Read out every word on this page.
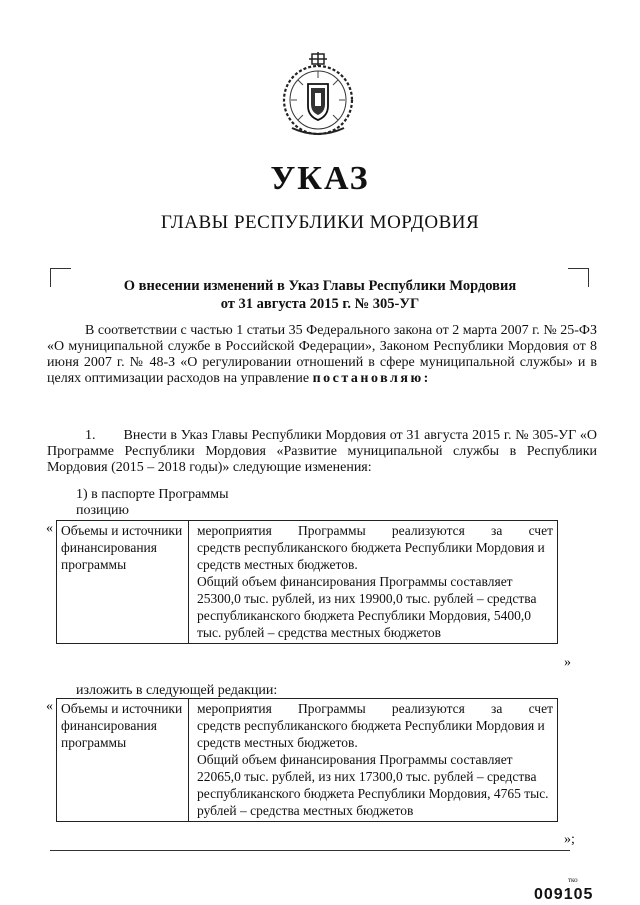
УКАЗ
ГЛАВЫ РЕСПУБЛИКИ МОРДОВИЯ
О внесении изменений в Указ Главы Республики Мордовия
от 31 августа 2015 г. № 305-УГ
В соответствии с частью 1 статьи 35 Федерального закона от 2 марта 2007 г. № 25-ФЗ «О муниципальной службе в Российской Федерации», Законом Республики Мордовия от 8 июня 2007 г. № 48-З «О регулировании отношений в сфере муниципальной службы» и в целях оптимизации расходов на управление постановляю:
1. Внести в Указ Главы Республики Мордовия от 31 августа 2015 г. № 305-УГ «О Программе Республики Мордовия «Развитие муниципальной службы в Республики Мордовия (2015 – 2018 годы)» следующие изменения:
1) в паспорте Программы
позицию
« Объемы и источники финансирования программы
мероприятия Программы реализуются за счет
средств республиканского бюджета Республики Мордовия и средств местных бюджетов.
Общий объем финансирования Программы составляет 25300,0 тыс. рублей, из них 19900,0 тыс. рублей – средства республиканского бюджета Республики Мордовия, 5400,0 тыс. рублей – средства местных бюджетов
»
изложить в следующей редакции:
« Объемы и источники финансирования программы
мероприятия Программы реализуются за счет
средств республиканского бюджета Республики Мордовия и средств местных бюджетов.
Общий объем финансирования Программы составляет 22065,0 тыс. рублей, из них 17300,0 тыс. рублей – средства республиканского бюджета Республики Мордовия, 4765 тыс. рублей – средства местных бюджетов
»;
тко
009105
